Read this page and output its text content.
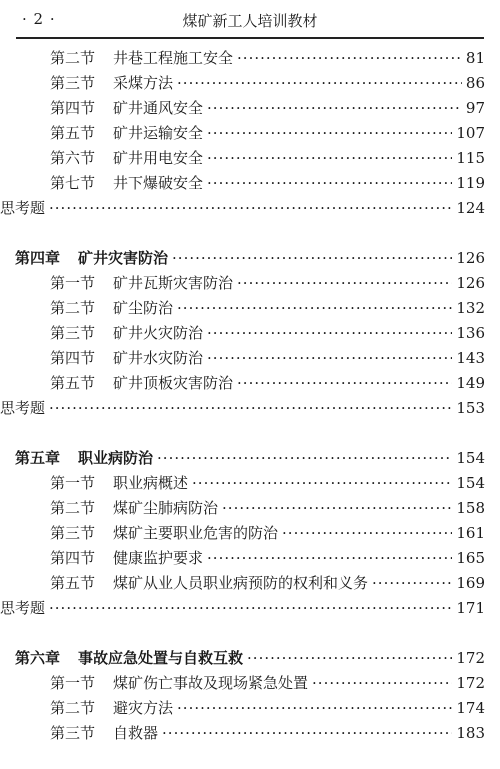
· 2 ·	煤矿新工人培训教材
第二节	井巷工程施工安全 ·····	81
第三节	采煤方法 ·····	86
第四节	矿井通风安全 ·····	97
第五节	矿井运输安全 ·····	107
第六节	矿井用电安全 ·····	115
第七节	井下爆破安全 ·····	119
思考题 ·····	124
第四章	矿井灾害防治 ·····	126
第一节	矿井瓦斯灾害防治 ·····	126
第二节	矿尘防治 ·····	132
第三节	矿井火灾防治 ·····	136
第四节	矿井水灾防治 ·····	143
第五节	矿井顶板灾害防治 ·····	149
思考题 ·····	153
第五章	职业病防治 ·····	154
第一节	职业病概述 ·····	154
第二节	煤矿尘肺病防治 ·····	158
第三节	煤矿主要职业危害的防治 ·····	161
第四节	健康监护要求 ·····	165
第五节	煤矿从业人员职业病预防的权利和义务 ·····	169
思考题 ·····	171
第六章	事故应急处置与自救互救 ·····	172
第一节	煤矿伤亡事故及现场紧急处置 ·····	172
第二节	避灾方法 ·····	174
第三节	自救器 ·····	183
